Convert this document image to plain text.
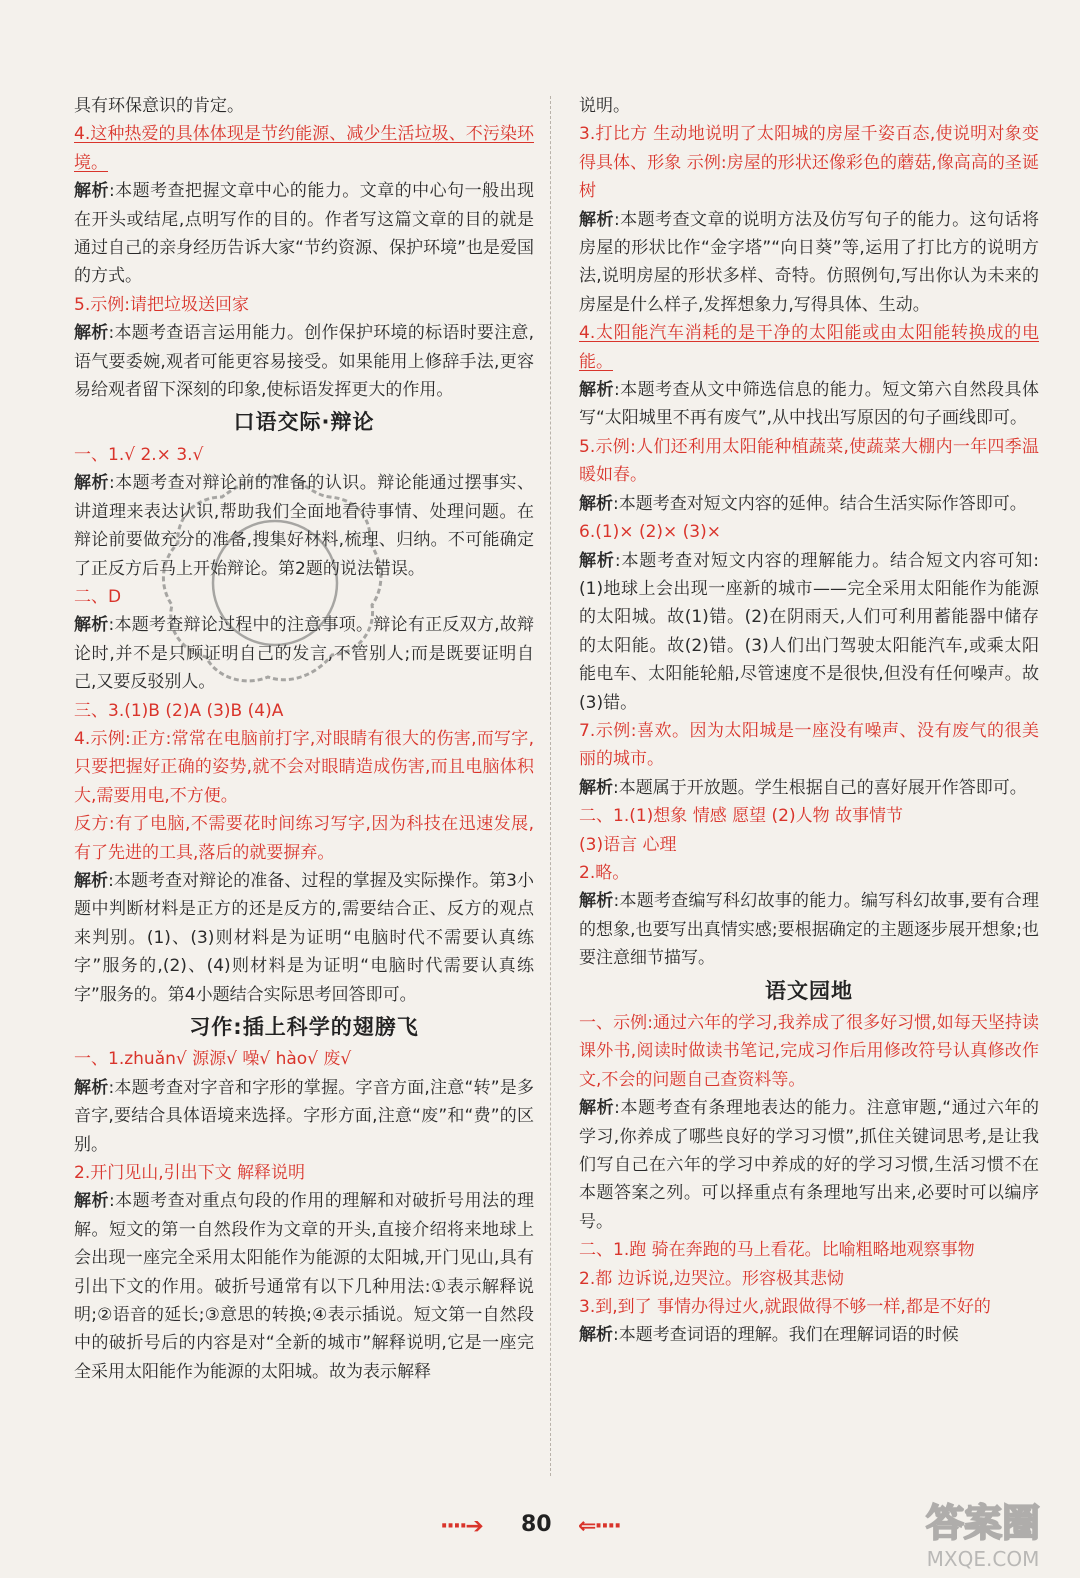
具有环保意识的肯定。

4.这种热爱的具体体现是节约能源、减少生活垃圾、不污染环境。

解析:本题考查把握文章中心的能力。文章的中心句一般出现在开头或结尾,点明写作的目的。作者写这篇文章的目的就是通过自己的亲身经历告诉大家“节约资源、保护环境”也是爱国的方式。

5.示例:请把垃圾送回家

解析:本题考查语言运用能力。创作保护环境的标语时要注意,语气要委婉,观者可能更容易接受。如果能用上修辞手法,更容易给观者留下深刻的印象,使标语发挥更大的作用。

口语交际·辩论

一、1.√ 2.× 3.√

解析:本题考查对辩论前的准备的认识。辩论能通过摆事实、讲道理来表达认识,帮助我们全面地看待事情、处理问题。在辩论前要做充分的准备,搜集好材料,梳理、归纳。不可能确定了正反方后马上开始辩论。第2题的说法错误。

二、D

解析:本题考查辩论过程中的注意事项。辩论有正反双方,故辩论时,并不是只顾证明自己的发言,不管别人;而是既要证明自己,又要反驳别人。

三、3.(1)B (2)A (3)B (4)A

4.示例:正方:常常在电脑前打字,对眼睛有很大的伤害,而写字,只要把握好正确的姿势,就不会对眼睛造成伤害,而且电脑体积大,需要用电,不方便。

反方:有了电脑,不需要花时间练习写字,因为科技在迅速发展,有了先进的工具,落后的就要摒弃。

解析:本题考查对辩论的准备、过程的掌握及实际操作。第3小题中判断材料是正方的还是反方的,需要结合正、反方的观点来判别。(1)、(3)则材料是为证明“电脑时代不需要认真练字”服务的,(2)、(4)则材料是为证明“电脑时代需要认真练字”服务的。第4小题结合实际思考回答即可。

习作:插上科学的翅膀飞

一、1.zhuǎn√ 源源√ 噪√ hào√ 废√

解析:本题考查对字音和字形的掌握。字音方面,注意“转”是多音字,要结合具体语境来选择。字形方面,注意“废”和“费”的区别。

2.开门见山,引出下文 解释说明

解析:本题考查对重点句段的作用的理解和对破折号用法的理解。短文的第一自然段作为文章的开头,直接介绍将来地球上会出现一座完全采用太阳能作为能源的太阳城,开门见山,具有引出下文的作用。破折号通常有以下几种用法:①表示解释说明;②语音的延长;③意思的转换;④表示插说。短文第一自然段中的破折号后的内容是对“全新的城市”解释说明,它是一座完全采用太阳能作为能源的太阳城。故为表示解释

说明。

3.打比方 生动地说明了太阳城的房屋千姿百态,使说明对象变得具体、形象 示例:房屋的形状还像彩色的蘑菇,像高高的圣诞树

解析:本题考查文章的说明方法及仿写句子的能力。这句话将房屋的形状比作“金字塔”“向日葵”等,运用了打比方的说明方法,说明房屋的形状多样、奇特。仿照例句,写出你认为未来的房屋是什么样子,发挥想象力,写得具体、生动。

4.太阳能汽车消耗的是干净的太阳能或由太阳能转换成的电能。

解析:本题考查从文中筛选信息的能力。短文第六自然段具体写“太阳城里不再有废气”,从中找出写原因的句子画线即可。

5.示例:人们还利用太阳能种植蔬菜,使蔬菜大棚内一年四季温暖如春。

解析:本题考查对短文内容的延伸。结合生活实际作答即可。

6.(1)× (2)× (3)×

解析:本题考查对短文内容的理解能力。结合短文内容可知:(1)地球上会出现一座新的城市——完全采用太阳能作为能源的太阳城。故(1)错。(2)在阴雨天,人们可利用蓄能器中储存的太阳能。故(2)错。(3)人们出门驾驶太阳能汽车,或乘太阳能电车、太阳能轮船,尽管速度不是很快,但没有任何噪声。故(3)错。

7.示例:喜欢。因为太阳城是一座没有噪声、没有废气的很美丽的城市。

解析:本题属于开放题。学生根据自己的喜好展开作答即可。

二、1.(1)想象 情感 愿望 (2)人物 故事情节

(3)语言 心理

2.略。

解析:本题考查编写科幻故事的能力。编写科幻故事,要有合理的想象,也要写出真情实感;要根据确定的主题逐步展开想象;也要注意细节描写。

语文园地

一、示例:通过六年的学习,我养成了很多好习惯,如每天坚持读课外书,阅读时做读书笔记,完成习作后用修改符号认真修改作文,不会的问题自己查资料等。

解析:本题考查有条理地表达的能力。注意审题,“通过六年的学习,你养成了哪些良好的学习习惯”,抓住关键词思考,是让我们写自己在六年的学习中养成的好的学习习惯,生活习惯不在本题答案之列。可以择重点有条理地写出来,必要时可以编序号。

二、1.跑 骑在奔跑的马上看花。比喻粗略地观察事物

2.都 边诉说,边哭泣。形容极其悲恸

3.到,到了 事情办得过火,就跟做得不够一样,都是不好的

解析:本题考查词语的理解。我们在理解词语的时候

····➔ 80 ⇐····	答案圈
MXQE.COM
